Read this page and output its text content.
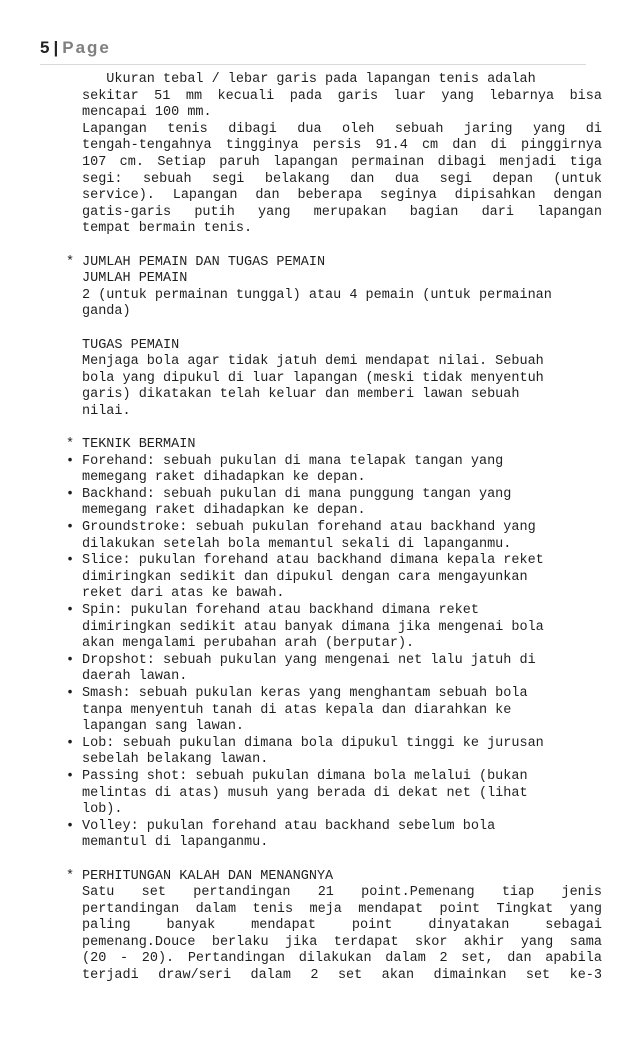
5 | Page
Ukuran tebal / lebar garis pada lapangan tenis adalah
sekitar 51 mm kecuali pada garis luar yang lebarnya bisa
mencapai 100 mm.
Lapangan tenis dibagi dua oleh sebuah jaring yang di
tengah-tengahnya tingginya persis 91.4 cm dan di pinggirnya
107 cm. Setiap paruh lapangan permainan dibagi menjadi tiga
segi: sebuah segi belakang dan dua segi depan (untuk
service). Lapangan dan beberapa seginya dipisahkan dengan
gatis-garis putih yang merupakan bagian dari lapangan
tempat bermain tenis.
* JUMLAH PEMAIN DAN TUGAS PEMAIN
JUMLAH PEMAIN
2 (untuk permainan tunggal) atau 4 pemain (untuk permainan
ganda)
TUGAS PEMAIN
Menjaga bola agar tidak jatuh demi mendapat nilai. Sebuah
bola yang dipukul di luar lapangan (meski tidak menyentuh
garis) dikatakan telah keluar dan memberi lawan sebuah
nilai.
* TEKNIK BERMAIN
• Forehand: sebuah pukulan di mana telapak tangan yang
memegang raket dihadapkan ke depan.
• Backhand: sebuah pukulan di mana punggung tangan yang
memegang raket dihadapkan ke depan.
• Groundstroke: sebuah pukulan forehand atau backhand yang
dilakukan setelah bola memantul sekali di lapanganmu.
• Slice: pukulan forehand atau backhand dimana kepala reket
dimiringkan sedikit dan dipukul dengan cara mengayunkan
reket dari atas ke bawah.
• Spin: pukulan forehand atau backhand dimana reket
dimiringkan sedikit atau banyak dimana jika mengenai bola
akan mengalami perubahan arah (berputar).
• Dropshot: sebuah pukulan yang mengenai net lalu jatuh di
daerah lawan.
• Smash: sebuah pukulan keras yang menghantam sebuah bola
tanpa menyentuh tanah di atas kepala dan diarahkan ke
lapangan sang lawan.
• Lob: sebuah pukulan dimana bola dipukul tinggi ke jurusan
sebelah belakang lawan.
• Passing shot: sebuah pukulan dimana bola melalui (bukan
melintas di atas) musuh yang berada di dekat net (lihat
lob).
• Volley: pukulan forehand atau backhand sebelum bola
memantul di lapanganmu.
* PERHITUNGAN KALAH DAN MENANGNYA
Satu set pertandingan 21 point.Pemenang tiap jenis
pertandingan dalam tenis meja mendapat point Tingkat yang
paling banyak mendapat point dinyatakan sebagai
pemenang.Douce berlaku jika terdapat skor akhir yang sama
(20 - 20). Pertandingan dilakukan dalam 2 set, dan apabila
terjadi draw/seri dalam 2 set akan dimainkan set ke-3
